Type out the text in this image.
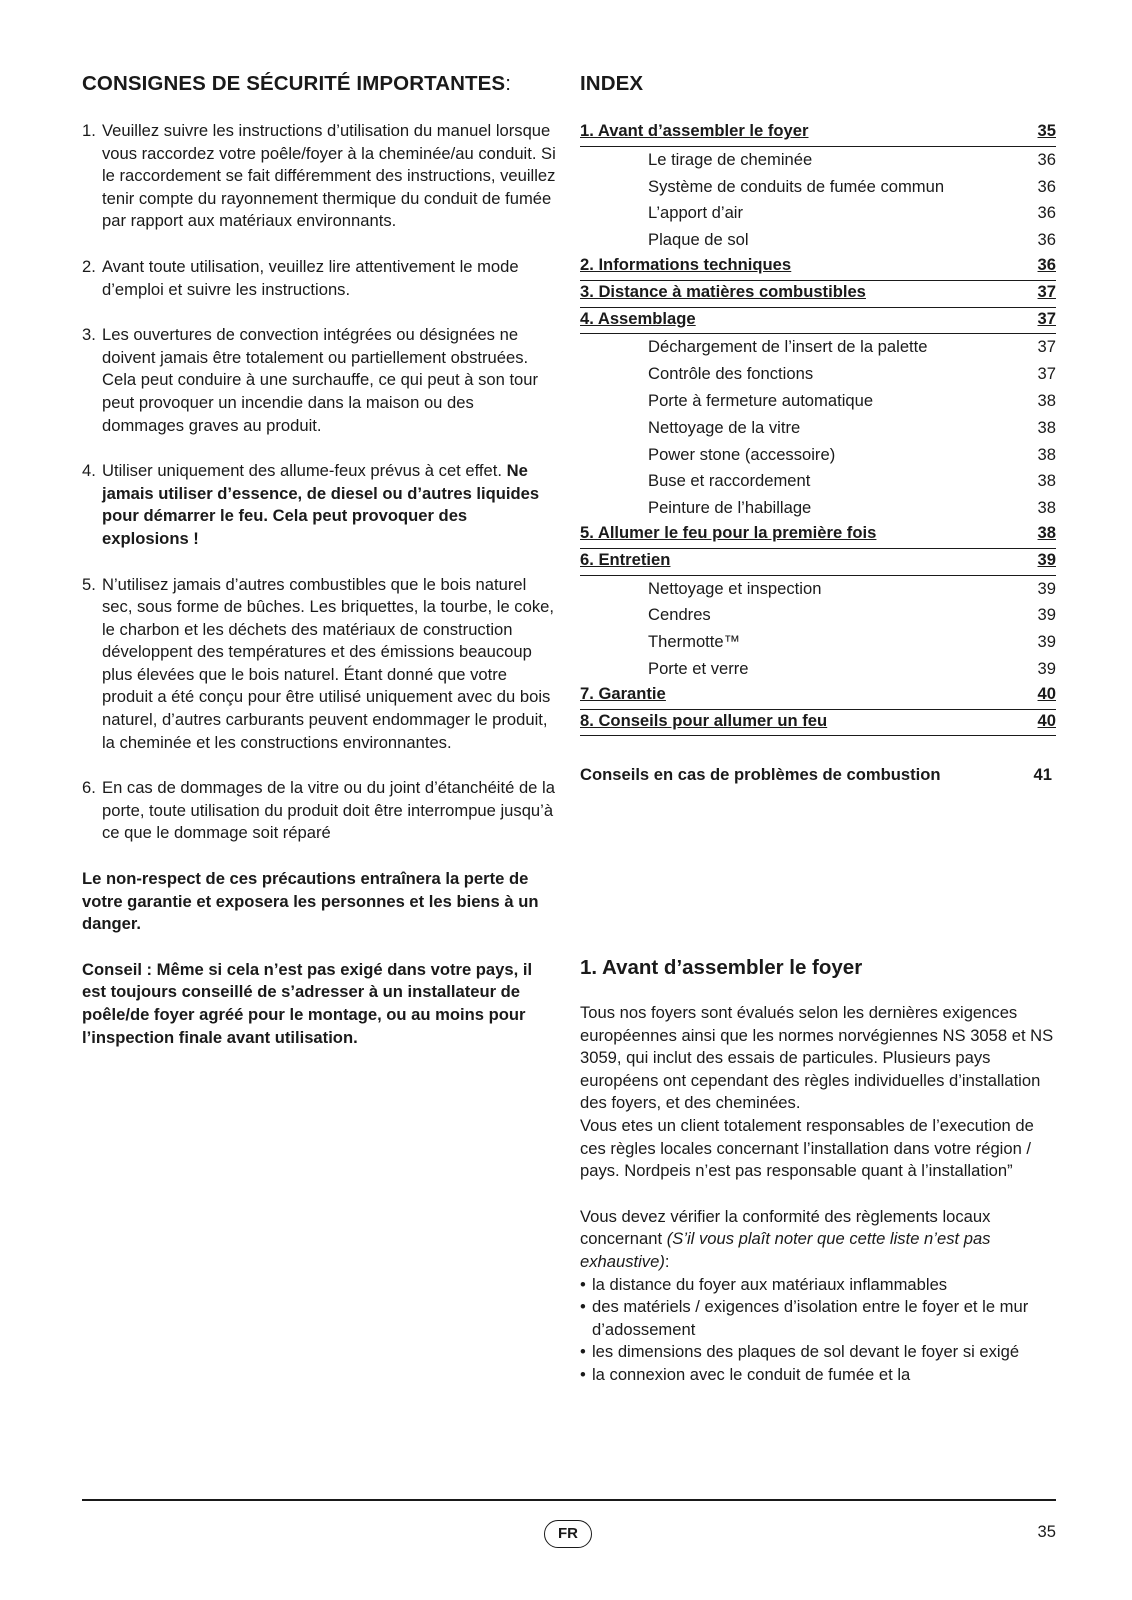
CONSIGNES DE SÉCURITÉ IMPORTANTES:
1. Veuillez suivre les instructions d’utilisation du manuel lorsque vous raccordez votre poêle/foyer à la cheminée/au conduit. Si le raccordement se fait différemment des instructions, veuillez tenir compte du rayonnement thermique du conduit de fumée par rapport aux matériaux environnants.
2. Avant toute utilisation, veuillez lire attentivement le mode d’emploi et suivre les instructions.
3. Les ouvertures de convection intégrées ou désignées ne doivent jamais être totalement ou partiellement obstruées. Cela peut conduire à une surchauffe, ce qui peut à son tour peut provoquer un incendie dans la maison ou des dommages graves au produit.
4. Utiliser uniquement des allume-feux prévus à cet effet. Ne jamais utiliser d’essence, de diesel ou d’autres liquides pour démarrer le feu. Cela peut provoquer des explosions !
5. N’utilisez jamais d’autres combustibles que le bois naturel sec, sous forme de bûches. Les briquettes, la tourbe, le coke, le charbon et les déchets des matériaux de construction développent des températures et des émissions beaucoup plus élevées que le bois naturel. Étant donné que votre produit a été conçu pour être utilisé uniquement avec du bois naturel, d’autres carburants peuvent endommager le produit, la cheminée et les constructions environnantes.
6. En cas de dommages de la vitre ou du joint d’étanchéité de la porte, toute utilisation du produit doit être interrompue jusqu’à ce que le dommage soit réparé

Le non-respect de ces précautions entraînera la perte de votre garantie et exposera les personnes et les biens à un danger.

Conseil : Même si cela n’est pas exigé dans votre pays, il est toujours conseillé de s’adresser à un installateur de poêle/de foyer agréé pour le montage, ou au moins pour l’inspection finale avant utilisation.

INDEX
1. Avant d’assembler le foyer	35
Le tirage de cheminée	36
Système de conduits de fumée commun	36
L’apport d’air	36
Plaque de sol	36
2. Informations techniques	36
3. Distance à matières combustibles	37
4. Assemblage	37
Déchargement de l’insert de la palette	37
Contrôle des fonctions	37
Porte à fermeture automatique	38
Nettoyage de la vitre	38
Power stone (accessoire)	38
Buse et raccordement	38
Peinture de l’habillage	38
5. Allumer le feu pour la première fois	38
6. Entretien	39
Nettoyage et inspection	39
Cendres	39
Thermotte™	39
Porte et verre	39
7. Garantie	40
8. Conseils pour allumer un feu	40
Conseils en cas de problèmes de combustion	41
1. Avant d’assembler le foyer

Tous nos foyers sont évalués selon les dernières exigences européennes ainsi que les normes norvégiennes NS 3058 et NS 3059, qui inclut des essais de particules. Plusieurs pays européens ont cependant des règles individuelles d’installation des foyers, et des cheminées.

Vous etes un client totalement responsables de l’execution de ces règles locales concernant l’installation dans votre région / pays. Nordpeis n’est pas responsable quant à l’installation”

Vous devez vérifier la conformité des règlements locaux concernant (S’il vous plaît noter que cette liste n’est pas exhaustive):

• la distance du foyer aux matériaux inflammables
• des matériels / exigences d’isolation entre le foyer et le mur d’adossement
• les dimensions des plaques de sol devant le foyer si exigé
• la connexion avec le conduit de fumée et la
FR	35
